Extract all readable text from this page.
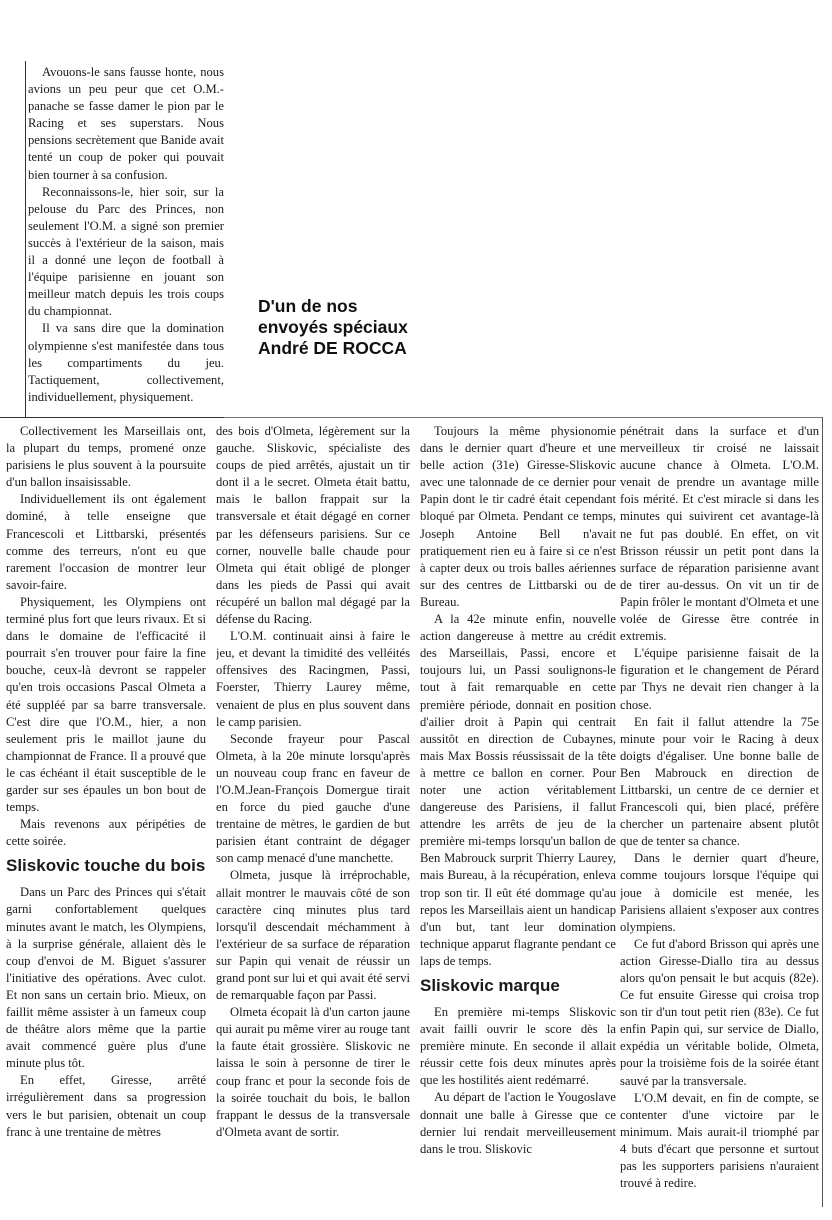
Avouons-le sans fausse honte, nous avions un peu peur que cet O.M.-panache se fasse damer le pion par le Racing et ses superstars. Nous pensions secrètement que Banide avait tenté un coup de poker qui pouvait bien tourner à sa confusion.

Reconnaissons-le, hier soir, sur la pelouse du Parc des Princes, non seulement l'O.M. a signé son premier succès à l'extérieur de la saison, mais il a donné une leçon de football à l'équipe parisienne en jouant son meilleur match depuis les trois coups du championnat.

Il va sans dire que la domination olympienne s'est manifestée dans tous les compartiments du jeu. Tactiquement, collectivement, individuellement, physiquement.

D'un de nos
envoyés spéciaux
André DE ROCCA

Collectivement les Marseillais ont, la plupart du temps, promené onze parisiens le plus souvent à la poursuite d'un ballon insaisissable.

Individuellement ils ont également dominé, à telle enseigne que Francescoli et Littbarski, présentés comme des terreurs, n'ont eu que rarement l'occasion de montrer leur savoir-faire.

Physiquement, les Olympiens ont terminé plus fort que leurs rivaux. Et si dans le domaine de l'efficacité il pourrait s'en trouver pour faire la fine bouche, ceux-là devront se rappeler qu'en trois occasions Pascal Olmeta a été suppléé par sa barre transversale. C'est dire que l'O.M., hier, a non seulement pris le maillot jaune du championnat de France. Il a prouvé que le cas échéant il était susceptible de le garder sur ses épaules un bon bout de temps.

Mais revenons aux péripéties de cette soirée.

Sliskovic touche du bois

Dans un Parc des Princes qui s'était garni confortablement quelques minutes avant le match, les Olympiens, à la surprise générale, allaient dès le coup d'envoi de M. Biguet s'assurer l'initiative des opérations. Avec culot. Et non sans un certain brio. Mieux, on faillit même assister à un fameux coup de théâtre alors même que la partie avait commencé guère plus d'une minute plus tôt.

En effet, Giresse, arrêté irrégulièrement dans sa progression vers le but parisien, obtenait un coup franc à une trentaine de mètres

des bois d'Olmeta, légèrement sur la gauche. Sliskovic, spécialiste des coups de pied arrêtés, ajustait un tir dont il a le secret. Olmeta était battu, mais le ballon frappait sur la transversale et était dégagé en corner par les défenseurs parisiens. Sur ce corner, nouvelle balle chaude pour Olmeta qui était obligé de plonger dans les pieds de Passi qui avait récupéré un ballon mal dégagé par la défense du Racing.

L'O.M. continuait ainsi à faire le jeu, et devant la timidité des velléités offensives des Racingmen, Passi, Foerster, Thierry Laurey même, venaient de plus en plus souvent dans le camp parisien.

Seconde frayeur pour Pascal Olmeta, à la 20e minute lorsqu'après un nouveau coup franc en faveur de l'O.M.Jean-François Domergue tirait en force du pied gauche d'une trentaine de mètres, le gardien de but parisien étant contraint de dégager son camp menacé d'une manchette.

Olmeta, jusque là irréprochable, allait montrer le mauvais côté de son caractère cinq minutes plus tard lorsqu'il descendait méchamment à l'extérieur de sa surface de réparation sur Papin qui venait de réussir un grand pont sur lui et qui avait été servi de remarquable façon par Passi.

Olmeta écopait là d'un carton jaune qui aurait pu même virer au rouge tant la faute était grossière. Sliskovic ne laissa le soin à personne de tirer le coup franc et pour la seconde fois de la soirée touchait du bois, le ballon frappant le dessus de la transversale d'Olmeta avant de sortir.

Toujours la même physionomie dans le dernier quart d'heure et une belle action (31e) Giresse-Sliskovic avec une talonnade de ce dernier pour Papin dont le tir cadré était cependant bloqué par Olmeta. Pendant ce temps, Joseph Antoine Bell n'avait pratiquement rien eu à faire si ce n'est à capter deux ou trois balles aériennes sur des centres de Littbarski ou de Bureau.

A la 42e minute enfin, nouvelle action dangereuse à mettre au crédit des Marseillais, Passi, encore et toujours lui, un Passi soulignons-le tout à fait remarquable en cette première période, donnait en position d'ailier droit à Papin qui centrait aussitôt en direction de Cubaynes, mais Max Bossis réussissait de la tête à mettre ce ballon en corner. Pour noter une action véritablement dangereuse des Parisiens, il fallut attendre les arrêts de jeu de la première mi-temps lorsqu'un ballon de Ben Mabrouck surprit Thierry Laurey, mais Bureau, à la récupération, enleva trop son tir. Il eût été dommage qu'au repos les Marseillais aient un handicap d'un but, tant leur domination technique apparut flagrante pendant ce laps de temps.

Sliskovic marque

En première mi-temps Sliskovic avait failli ouvrir le score dès la première minute. En seconde il allait réussir cette fois deux minutes après que les hostilités aient redémarré.

Au départ de l'action le Yougoslave donnait une balle à Giresse que ce dernier lui rendait merveilleusement dans le trou. Sliskovic

pénétrait dans la surface et d'un merveilleux tir croisé ne laissait aucune chance à Olmeta. L'O.M. venait de prendre un avantage mille fois mérité. Et c'est miracle si dans les minutes qui suivirent cet avantage-là ne fut pas doublé. En effet, on vit Brisson réussir un petit pont dans la surface de réparation parisienne avant de tirer au-dessus. On vit un tir de Papin frôler le montant d'Olmeta et une volée de Giresse être contrée in extremis.

L'équipe parisienne faisait de la figuration et le changement de Pérard par Thys ne devait rien changer à la chose.

En fait il fallut attendre la 75e minute pour voir le Racing à deux doigts d'égaliser. Une bonne balle de Ben Mabrouck en direction de Littbarski, un centre de ce dernier et Francescoli qui, bien placé, préfère chercher un partenaire absent plutôt que de tenter sa chance.

Dans le dernier quart d'heure, comme toujours lorsque l'équipe qui joue à domicile est menée, les Parisiens allaient s'exposer aux contres olympiens.

Ce fut d'abord Brisson qui après une action Giresse-Diallo tira au dessus alors qu'on pensait le but acquis (82e). Ce fut ensuite Giresse qui croisa trop son tir d'un tout petit rien (83e). Ce fut enfin Papin qui, sur service de Diallo, expédia un véritable bolide, Olmeta, pour la troisième fois de la soirée étant sauvé par la transversale.

L'O.M devait, en fin de compte, se contenter d'une victoire par le minimum. Mais aurait-il triomphé par 4 buts d'écart que personne et surtout pas les supporters parisiens n'auraient trouvé à redire.
